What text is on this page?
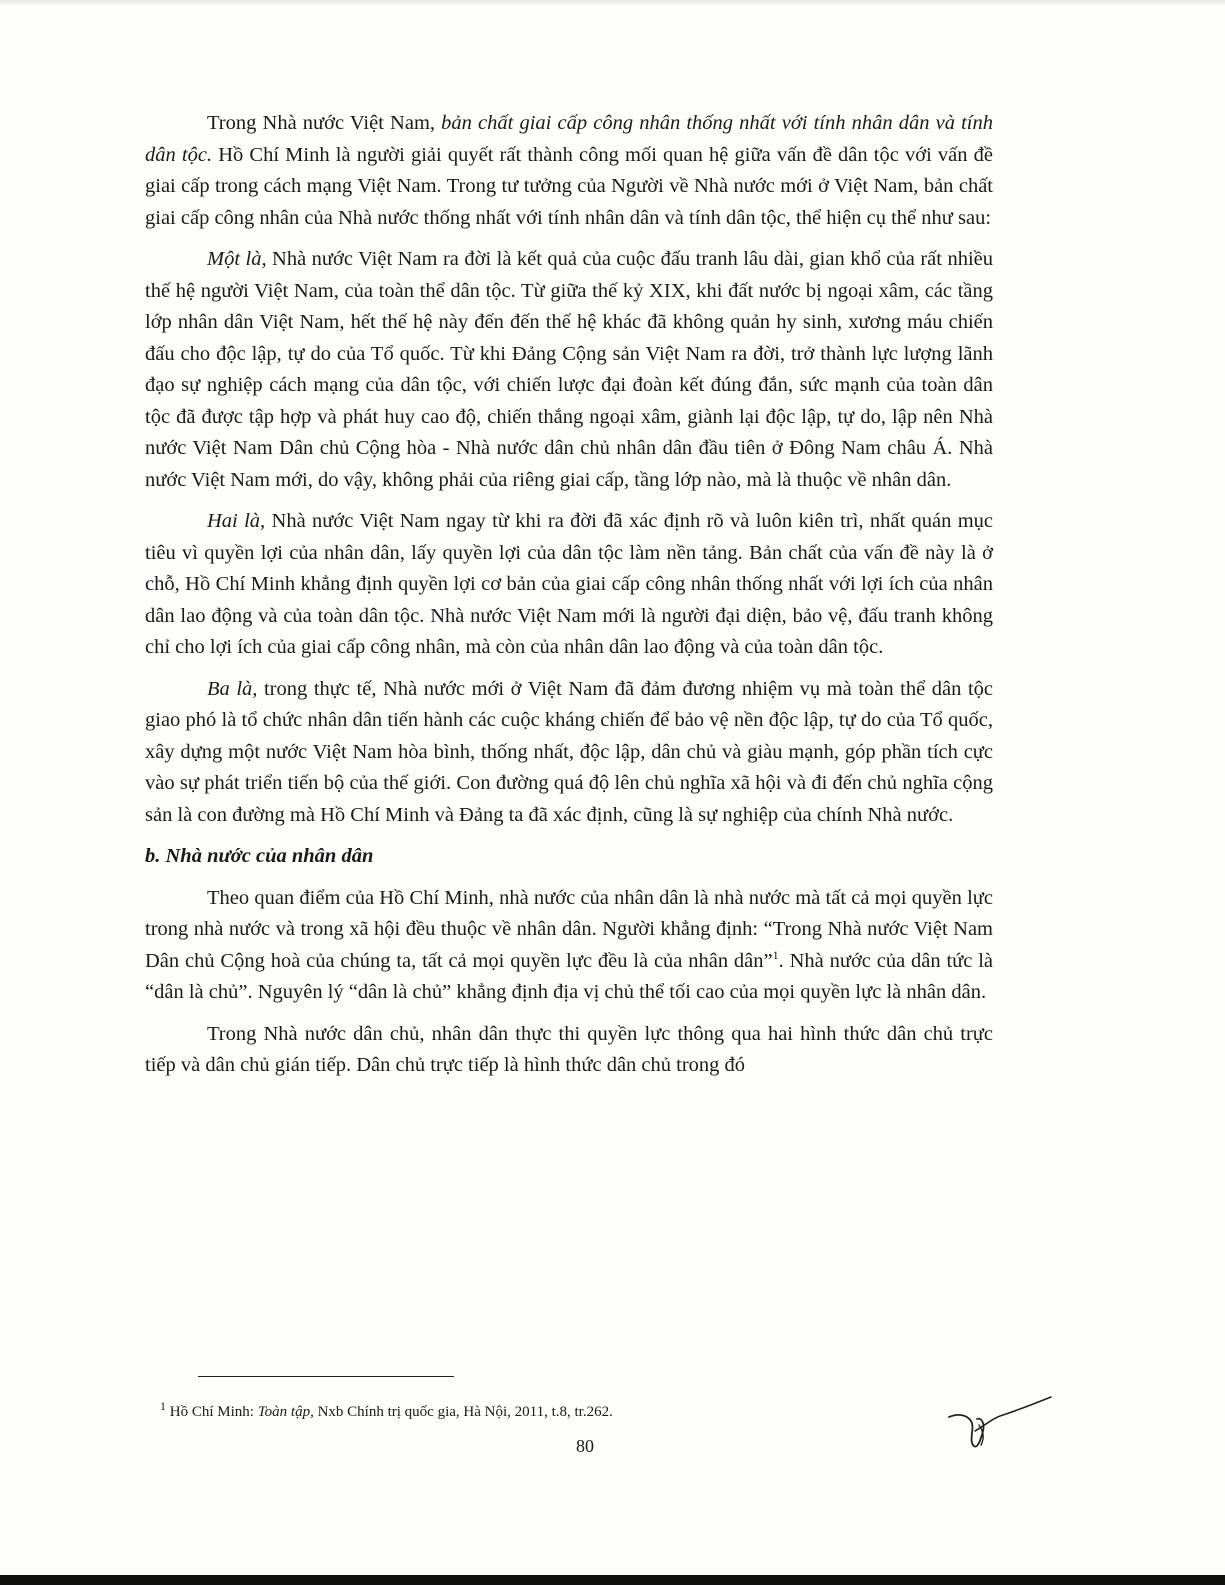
Trong Nhà nước Việt Nam, bản chất giai cấp công nhân thống nhất với tính nhân dân và tính dân tộc. Hồ Chí Minh là người giải quyết rất thành công mối quan hệ giữa vấn đề dân tộc với vấn đề giai cấp trong cách mạng Việt Nam. Trong tư tưởng của Người về Nhà nước mới ở Việt Nam, bản chất giai cấp công nhân của Nhà nước thống nhất với tính nhân dân và tính dân tộc, thể hiện cụ thể như sau:

Một là, Nhà nước Việt Nam ra đời là kết quả của cuộc đấu tranh lâu dài, gian khổ của rất nhiều thế hệ người Việt Nam, của toàn thể dân tộc. Từ giữa thế kỷ XIX, khi đất nước bị ngoại xâm, các tầng lớp nhân dân Việt Nam, hết thế hệ này đến đến thế hệ khác đã không quản hy sinh, xương máu chiến đấu cho độc lập, tự do của Tổ quốc. Từ khi Đảng Cộng sản Việt Nam ra đời, trở thành lực lượng lãnh đạo sự nghiệp cách mạng của dân tộc, với chiến lược đại đoàn kết đúng đắn, sức mạnh của toàn dân tộc đã được tập hợp và phát huy cao độ, chiến thắng ngoại xâm, giành lại độc lập, tự do, lập nên Nhà nước Việt Nam Dân chủ Cộng hòa - Nhà nước dân chủ nhân dân đầu tiên ở Đông Nam châu Á. Nhà nước Việt Nam mới, do vậy, không phải của riêng giai cấp, tầng lớp nào, mà là thuộc về nhân dân.

Hai là, Nhà nước Việt Nam ngay từ khi ra đời đã xác định rõ và luôn kiên trì, nhất quán mục tiêu vì quyền lợi của nhân dân, lấy quyền lợi của dân tộc làm nền tảng. Bản chất của vấn đề này là ở chỗ, Hồ Chí Minh khẳng định quyền lợi cơ bản của giai cấp công nhân thống nhất với lợi ích của nhân dân lao động và của toàn dân tộc. Nhà nước Việt Nam mới là người đại diện, bảo vệ, đấu tranh không chỉ cho lợi ích của giai cấp công nhân, mà còn của nhân dân lao động và của toàn dân tộc.

Ba là, trong thực tế, Nhà nước mới ở Việt Nam đã đảm đương nhiệm vụ mà toàn thể dân tộc giao phó là tổ chức nhân dân tiến hành các cuộc kháng chiến để bảo vệ nền độc lập, tự do của Tổ quốc, xây dựng một nước Việt Nam hòa bình, thống nhất, độc lập, dân chủ và giàu mạnh, góp phần tích cực vào sự phát triển tiến bộ của thế giới. Con đường quá độ lên chủ nghĩa xã hội và đi đến chủ nghĩa cộng sản là con đường mà Hồ Chí Minh và Đảng ta đã xác định, cũng là sự nghiệp của chính Nhà nước.

b. Nhà nước của nhân dân

Theo quan điểm của Hồ Chí Minh, nhà nước của nhân dân là nhà nước mà tất cả mọi quyền lực trong nhà nước và trong xã hội đều thuộc về nhân dân. Người khẳng định: “Trong Nhà nước Việt Nam Dân chủ Cộng hoà của chúng ta, tất cả mọi quyền lực đều là của nhân dân”$^1$. Nhà nước của dân tức là “dân là chủ”. Nguyên lý “dân là chủ” khẳng định địa vị chủ thể tối cao của mọi quyền lực là nhân dân.

Trong Nhà nước dân chủ, nhân dân thực thi quyền lực thông qua hai hình thức dân chủ trực tiếp và dân chủ gián tiếp. Dân chủ trực tiếp là hình thức dân chủ trong đó

$^1$ Hồ Chí Minh: Toàn tập, Nxb Chính trị quốc gia, Hà Nội, 2011, t.8, tr.262.
80
